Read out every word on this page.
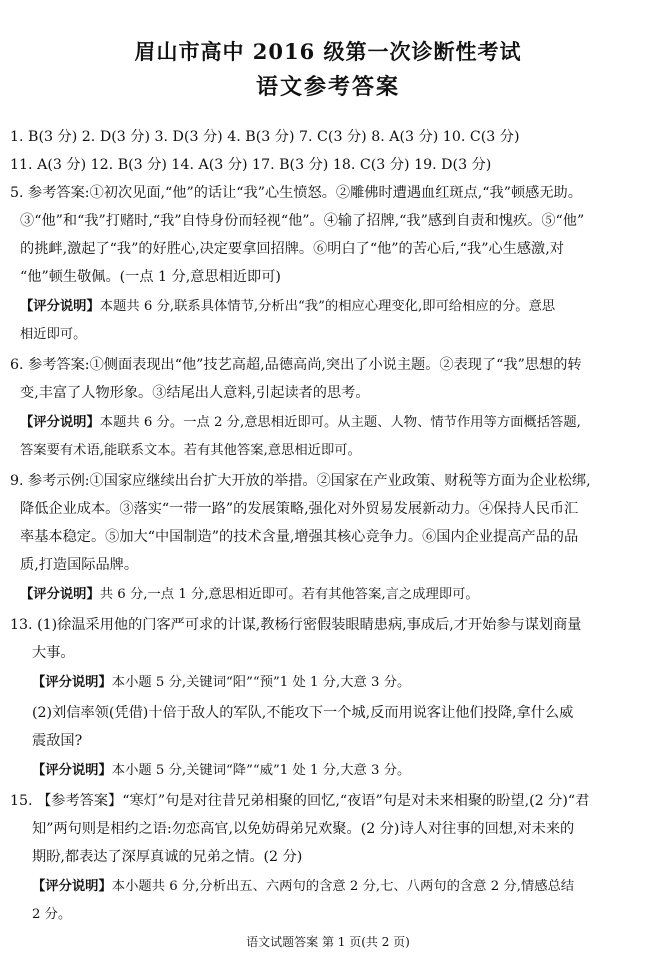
眉山市高中 2016 级第一次诊断性考试
语文参考答案
1. B(3 分) 2. D(3 分) 3. D(3 分) 4. B(3 分) 7. C(3 分) 8. A(3 分) 10. C(3 分)
11. A(3 分) 12. B(3 分) 14. A(3 分) 17. B(3 分) 18. C(3 分) 19. D(3 分)
5. 参考答案:①初次见面,“他”的话让“我”心生愤怒。②雕佛时遭遇血红斑点,“我”顿感无助。
③“他”和“我”打赌时,“我”自恃身份而轻视“他”。④输了招牌,“我”感到自责和愧疚。⑤“他”
的挑衅,激起了“我”的好胜心,决定要拿回招牌。⑥明白了“他”的苦心后,“我”心生感激,对
“他”顿生敬佩。(一点 1 分,意思相近即可)
【评分说明】本题共 6 分,联系具体情节,分析出“我”的相应心理变化,即可给相应的分。意思
相近即可。
6. 参考答案:①侧面表现出“他”技艺高超,品德高尚,突出了小说主题。②表现了“我”思想的转
变,丰富了人物形象。③结尾出人意料,引起读者的思考。
【评分说明】本题共 6 分。一点 2 分,意思相近即可。从主题、人物、情节作用等方面概括答题,
答案要有术语,能联系文本。若有其他答案,意思相近即可。
9. 参考示例:①国家应继续出台扩大开放的举措。②国家在产业政策、财税等方面为企业松绑,
降低企业成本。③落实“一带一路”的发展策略,强化对外贸易发展新动力。④保持人民币汇
率基本稳定。⑤加大“中国制造”的技术含量,增强其核心竞争力。⑥国内企业提高产品的品
质,打造国际品牌。
【评分说明】共 6 分,一点 1 分,意思相近即可。若有其他答案,言之成理即可。
13. (1)徐温采用他的门客严可求的计谋,教杨行密假装眼睛患病,事成后,才开始参与谋划商量
大事。
【评分说明】本小题 5 分,关键词“阳”“预”1 处 1 分,大意 3 分。
(2)刘信率领(凭借)十倍于敌人的军队,不能攻下一个城,反而用说客让他们投降,拿什么威
震敌国?
【评分说明】本小题 5 分,关键词“降”“威”1 处 1 分,大意 3 分。
15. 【参考答案】“寒灯”句是对往昔兄弟相聚的回忆,“夜语”句是对未来相聚的盼望,(2 分)“君
知”两句则是相约之语:勿恋高官,以免妨碍弟兄欢聚。(2 分)诗人对往事的回想,对未来的
期盼,都表达了深厚真诚的兄弟之情。(2 分)
【评分说明】本小题共 6 分,分析出五、六两句的含意 2 分,七、八两句的含意 2 分,情感总结
2 分。
语文试题答案 第 1 页(共 2 页)
